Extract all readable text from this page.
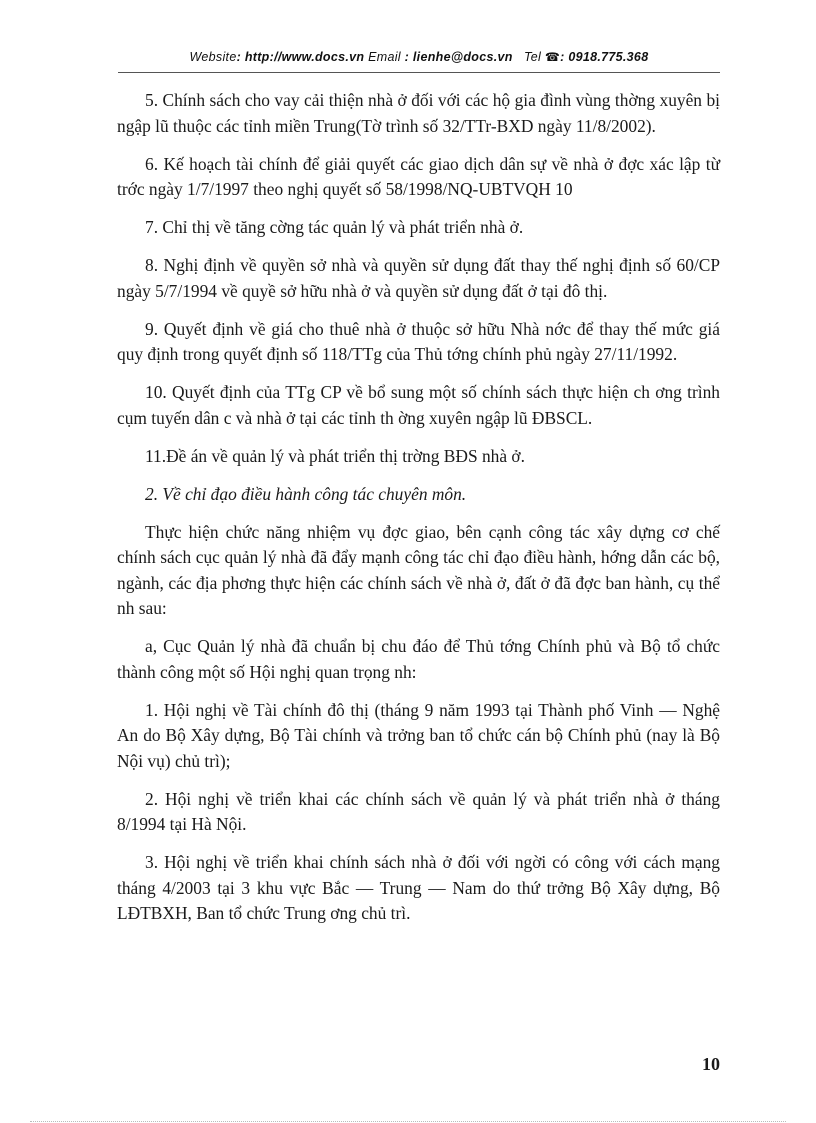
Website: http://www.docs.vn Email : lienhe@docs.vn Tel ☎: 0918.775.368

5. Chính sách cho vay cải thiện nhà ở đối với các hộ gia đình vùng thờng xuyên bị ngập lũ thuộc các tỉnh miền Trung(Tờ trình số 32/TTr-BXD ngày 11/8/2002).

6. Kế hoạch tài chính để giải quyết các giao dịch dân sự về nhà ở đợc xác lập từ trớc ngày 1/7/1997 theo nghị quyết số 58/1998/NQ-UBTVQH 10

7. Chỉ thị về tăng cờng tác quản lý và phát triển nhà ở.

8. Nghị định về quyền sở nhà và quyền sử dụng đất thay thế nghị định số 60/CP ngày 5/7/1994 về quyề sở hữu nhà ở và quyền sử dụng đất ở tại đô thị.

9. Quyết định về giá cho thuê nhà ở thuộc sở hữu Nhà nớc để thay thế mức giá quy định trong quyết định số 118/TTg của Thủ tớng chính phủ ngày 27/11/1992.

10. Quyết định của TTg CP về bổ sung một số chính sách thực hiện ch ơng trình cụm tuyến dân c và nhà ở tại các tỉnh th ờng xuyên ngập lũ ĐBSCL.

11.Đề án về quản lý và phát triển thị trờng BĐS nhà ở.

2. Về chỉ đạo điều hành công tác chuyên môn.

Thực hiện chức năng nhiệm vụ đợc giao, bên cạnh công tác xây dựng cơ chế chính sách cục quản lý nhà đã đẩy mạnh công tác chỉ đạo điều hành, hớng dẫn các bộ, ngành, các địa phơng thực hiện các chính sách về nhà ở, đất ở đã đợc ban hành, cụ thể nh sau:

a, Cục Quản lý nhà đã chuẩn bị chu đáo để Thủ tớng Chính phủ và Bộ tổ chức thành công một số Hội nghị quan trọng nh:

1. Hội nghị về Tài chính đô thị (tháng 9 năm 1993 tại Thành phố Vinh — Nghệ An do Bộ Xây dựng, Bộ Tài chính và trởng ban tổ chức cán bộ Chính phủ (nay là Bộ Nội vụ) chủ trì);

2. Hội nghị về triển khai các chính sách về quản lý và phát triển nhà ở tháng 8/1994 tại Hà Nội.

3. Hội nghị về triển khai chính sách nhà ở đối với ngời có công với cách mạng tháng 4/2003 tại 3 khu vực Bắc — Trung — Nam do thứ trởng Bộ Xây dựng, Bộ LĐTBXH, Ban tổ chức Trung ơng chủ trì.

10
